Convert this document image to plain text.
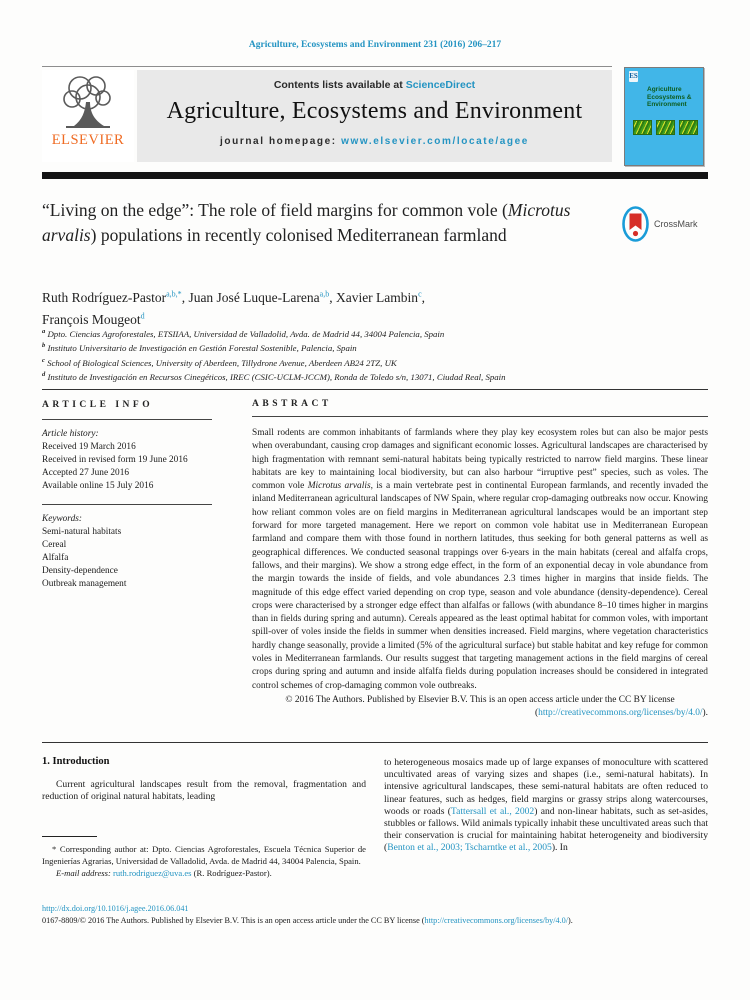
Agriculture, Ecosystems and Environment 231 (2016) 206–217
ELSEVIER
Contents lists available at ScienceDirect
Agriculture, Ecosystems and Environment
journal homepage: www.elsevier.com/locate/agee
ES
Agriculture Ecosystems & Environment
“Living on the edge”: The role of field margins for common vole (Microtus arvalis) populations in recently colonised Mediterranean farmland
CrossMark
Ruth Rodríguez-Pastor$^{a,b,*}$, Juan José Luque-Larena$^{a,b}$, Xavier Lambin$^c$,
François Mougeot$^d$
$^a$ Dpto. Ciencias Agroforestales, ETSIIAA, Universidad de Valladolid, Avda. de Madrid 44, 34004 Palencia, Spain
$^b$ Instituto Universitario de Investigación en Gestión Forestal Sostenible, Palencia, Spain
$^c$ School of Biological Sciences, University of Aberdeen, Tillydrone Avenue, Aberdeen AB24 2TZ, UK
$^d$ Instituto de Investigación en Recursos Cinegéticos, IREC (CSIC-UCLM-JCCM), Ronda de Toledo s/n, 13071, Ciudad Real, Spain
ARTICLE INFO
Article history:
Received 19 March 2016
Received in revised form 19 June 2016
Accepted 27 June 2016
Available online 15 July 2016
Keywords:
Semi-natural habitats
Cereal
Alfalfa
Density-dependence
Outbreak management
ABSTRACT
Small rodents are common inhabitants of farmlands where they play key ecosystem roles but can also be major pests when overabundant, causing crop damages and significant economic losses. Agricultural landscapes are characterised by high fragmentation with remnant semi-natural habitats being typically restricted to narrow field margins. These linear habitats are key to maintaining local biodiversity, but can also harbour “irruptive pest” species, such as voles. The common vole Microtus arvalis, is a main vertebrate pest in continental European farmlands, and recently invaded the inland Mediterranean agricultural landscapes of NW Spain, where regular crop-damaging outbreaks now occur. Knowing how reliant common voles are on field margins in Mediterranean agricultural landscapes would be an important step forward for more targeted management. Here we report on common vole habitat use in Mediterranean European farmland and compare them with those found in northern latitudes, thus seeking for both general patterns as well as geographical differences. We conducted seasonal trappings over 6-years in the main habitats (cereal and alfalfa crops, fallows, and their margins). We show a strong edge effect, in the form of an exponential decay in vole abundance from the margin towards the inside of fields, and vole abundances 2.3 times higher in margins that inside fields. The magnitude of this edge effect varied depending on crop type, season and vole abundance (density-dependence). Cereal crops were characterised by a stronger edge effect than alfalfas or fallows (with abundance 8–10 times higher in margins than in fields during spring and autumn). Cereals appeared as the least optimal habitat for common voles, with important spill-over of voles inside the fields in summer when densities increased. Field margins, where vegetation characteristics hardly change seasonally, provide a limited (5% of the agricultural surface) but stable habitat and key refuge for common voles in Mediterranean farmlands. Our results suggest that targeting management actions in the field margins of cereal crops during spring and autumn and inside alfalfa fields during population increases should be considered in integrated control schemes of crop-damaging common vole outbreaks.
© 2016 The Authors. Published by Elsevier B.V. This is an open access article under the CC BY license
(http://creativecommons.org/licenses/by/4.0/).
1. Introduction

Current agricultural landscapes result from the removal, fragmentation and reduction of original natural habitats, leading

to heterogeneous mosaics made up of large expanses of monoculture with scattered uncultivated areas of varying sizes and shapes (i.e., semi-natural habitats). In intensive agricultural landscapes, these semi-natural habitats are often reduced to linear features, such as hedges, field margins or grassy strips along watercourses, woods or roads (Tattersall et al., 2002) and non-linear habitats, such as set-asides, stubbles or fallows. Wild animals typically inhabit these uncultivated areas such that their conservation is crucial for maintaining habitat heterogeneity and biodiversity (Benton et al., 2003; Tscharntke et al., 2005). In
* Corresponding author at: Dpto. Ciencias Agroforestales, Escuela Técnica Superior de Ingenierías Agrarias, Universidad de Valladolid, Avda. de Madrid 44, 34004 Palencia, Spain.
E-mail address: ruth.rodriguez@uva.es (R. Rodríguez-Pastor).
http://dx.doi.org/10.1016/j.agee.2016.06.041
0167-8809/© 2016 The Authors. Published by Elsevier B.V. This is an open access article under the CC BY license (http://creativecommons.org/licenses/by/4.0/).
